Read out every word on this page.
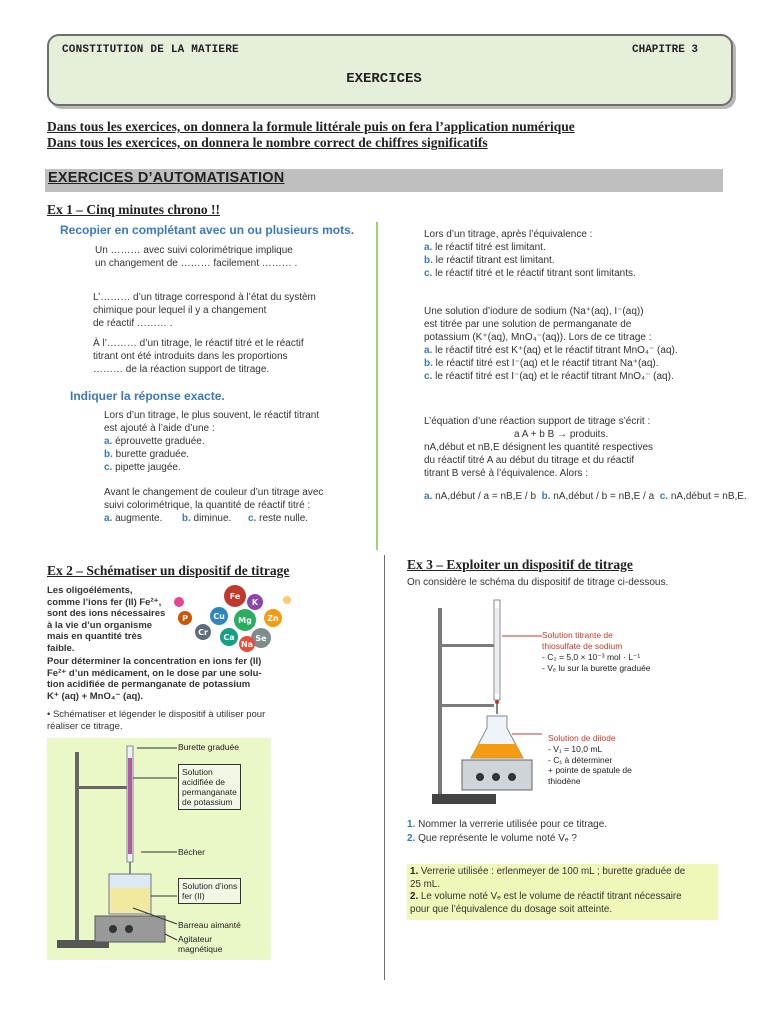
CONSTITUTION DE LA MATIERE	CHAPITRE 3
EXERCICES
Dans tous les exercices, on donnera la formule littérale puis on fera l’application numérique
Dans tous les exercices, on donnera le nombre correct de chiffres significatifs
EXERCICES D’AUTOMATISATION
Ex 1 – Cinq minutes chrono !!
Recopier en complétant avec un ou plusieurs mots.
Un ……… avec suivi colorimétrique implique
un changement de ……… facilement ……… .
L’……… d’un titrage correspond à l’état du systèm
chimique pour lequel il y a changement
de réactif ……… .
À l’……… d’un titrage, le réactif titré et le réactif
titrant ont été introduits dans les proportions
……… de la réaction support de titrage.
Indiquer la réponse exacte.
Lors d’un titrage, le plus souvent, le réactif titrant
est ajouté à l’aide d’une :
a. éprouvette graduée.
b. burette graduée.
c. pipette jaugée.
Avant le changement de couleur d’un titrage avec
suivi colorimétrique, la quantité de réactif titré :
a. augmente. b. diminue. c. reste nulle.
Lors d’un titrage, après l’équivalence :
a. le réactif titré est limitant.
b. le réactif titrant est limitant.
c. le réactif titré et le réactif titrant sont limitants.
Une solution d’iodure de sodium (Na⁺(aq), I⁻(aq))
est titrée par une solution de permanganate de
potassium (K⁺(aq), MnO₄⁻(aq)). Lors de ce titrage :
a. le réactif titré est K⁺(aq) et le réactif titrant MnO₄⁻ (aq).
b. le réactif titré est I⁻(aq) et le réactif titrant Na⁺(aq).
c. le réactif titré est I⁻(aq) et le réactif titrant MnO₄⁻ (aq).
L’équation d’une réaction support de titrage s’écrit :
a A + b B → produits.
nA,début et nB,E désignent les quantité respectives
du réactif titré A au début du titrage et du réactif
titrant B versé à l’équivalence. Alors :
a. nA,début / a = nB,E / b b. nA,début / b = nB,E / a c. nA,début = nB,E.
Ex 2 – Schématiser un dispositif de titrage
Les oligoéléments,
comme l’ions fer (II) Fe²⁺,
sont des ions nécessaires
à la vie d’un organisme
mais en quantité très
faible.
Fe
K
Mg
Cu	Zn
Ca	Se
Na
P
Cr
Pour déterminer la concentration en ions fer (II)
Fe²⁺ d’un médicament, on le dose par une solu-
tion acidifiée de permanganate de potassium
K⁺ (aq) + MnO₄⁻ (aq).
• Schématiser et légender le dispositif à utiliser pour
réaliser ce titrage.
Burette graduée
Solution
acidifiée de
permanganate
de potassium
Bécher
Solution d’ions
fer (II)
Barreau aimanté
Agitateur
magnétique
Ex 3 – Exploiter un dispositif de titrage
On considère le schéma du dispositif de titrage ci-dessous.
Solution titrante de
thiosulfate de sodium
- C₂ = 5,0 × 10⁻³ mol · L⁻¹
- Vₑ lu sur la burette graduée
Solution de diiode
- V₁ = 10,0 mL
- C₁ à déterminer
+ pointe de spatule de
thiodène
1. Nommer la verrerie utilisée pour ce titrage.
2. Que représente le volume noté Vₑ ?
1. Verrerie utilisée : erlenmeyer de 100 mL ; burette graduée de
25 mL.
2. Le volume noté Vₑ est le volume de réactif titrant nécessaire
pour que l’équivalence du dosage soit atteinte.
